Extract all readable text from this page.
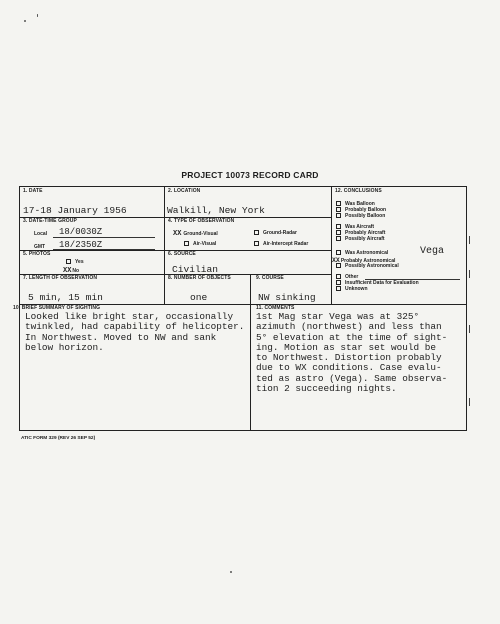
PROJECT 10073 RECORD CARD
1. DATE
17-18 January 1956
2. LOCATION
Walkill, New York
3. DATE-TIME GROUP
Local 18/0030Z
GMT 18/2350Z
4. TYPE OF OBSERVATION
XX Ground-Visual	Ground-Radar
Air-Visual	Air-Intercept Radar
5. PHOTOS
Yes
XXNo
6. SOURCE
Civilian
7. LENGTH OF OBSERVATION
5 min, 15 min
8. NUMBER OF OBJECTS
one
9. COURSE
NW sinking
10. BRIEF SUMMARY OF SIGHTING
Looked like bright star, occasionally
twinkled, had capability of helicopter.
In Northwest. Moved to NW and sank
below horizon.
11. COMMENTS
1st Mag star Vega was at 325°
azimuth (northwest) and less than
5° elevation at the time of sight-
ing. Motion as star set would be
to Northwest. Distortion probably
due to WX conditions. Case evalu-
ted as astro (Vega). Same observa-
tion 2 succeeding nights.
12. CONCLUSIONS
Was Balloon
Probably Balloon
Possibly Balloon
Was Aircraft
Probably Aircraft
Possibly Aircraft
Was Astronomical	Vega
XXProbably Astronomical
Possibly Astronomical
Other
Insufficient Data for Evaluation
Unknown
ATIC FORM 329 (REV 26 SEP 52)
